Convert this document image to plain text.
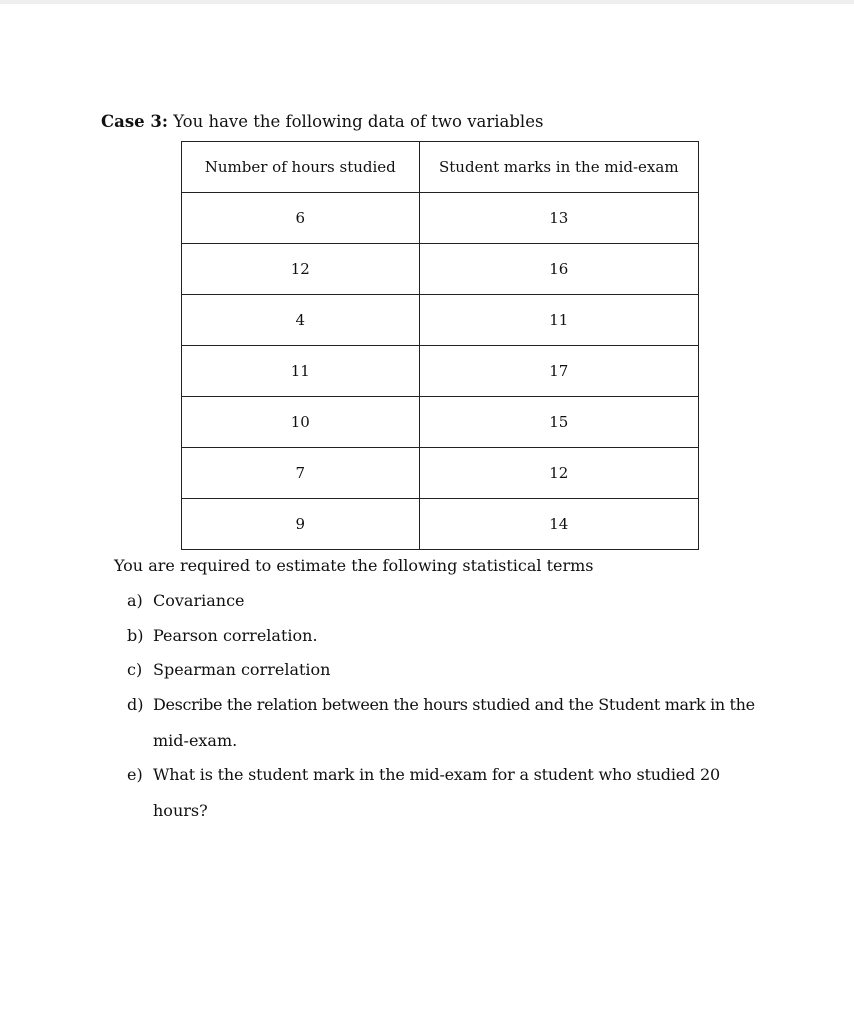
Case 3: You have the following data of two variables
Number of hours studied	Student marks in the mid-exam
6	13
12	16
4	11
11	17
10	15
7	12
9	14
You are required to estimate the following statistical terms
a) Covariance
b) Pearson correlation.
c) Spearman correlation
d) Describe the relation between the hours studied and the Student mark in the
mid-exam.
e) What is the student mark in the mid-exam for a student who studied 20
hours?
